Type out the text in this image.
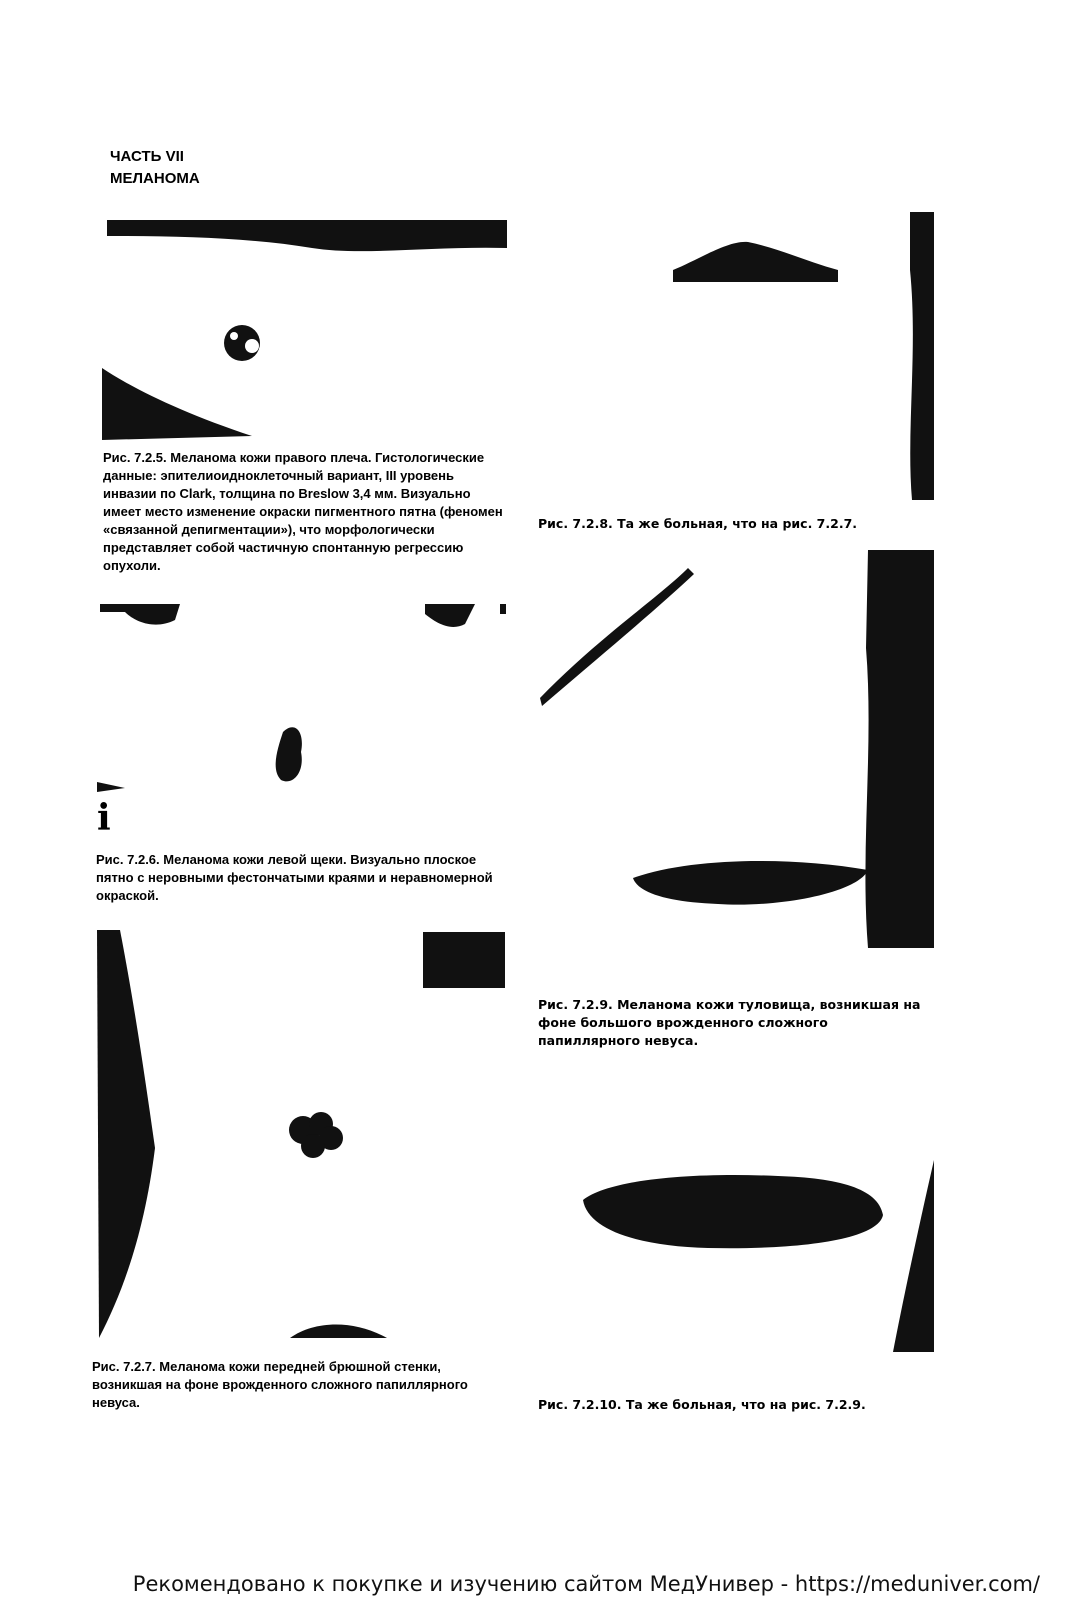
ЧАСТЬ VII
МЕЛАНОМА
Рис. 7.2.5. Меланома кожи правого плеча. Гистологические данные: эпителиоидноклеточный вариант, III уровень инвазии по Clark, толщина по Breslow 3,4 мм. Визуально имеет место изменение окраски пигментного пятна (феномен «связанной депигментации»), что морфологически представляет собой частичную спонтанную регрессию опухоли.
Рис. 7.2.8. Та же больная, что на рис. 7.2.7.
i
Рис. 7.2.6. Меланома кожи левой щеки. Визуально плоское пятно с неровными фестончатыми краями и неравномерной окраской.
Рис. 7.2.9. Меланома кожи туловища, возникшая на фоне большого врожденного сложного папиллярного невуса.
Рис. 7.2.7. Меланома кожи передней брюшной стенки, возникшая на фоне врожденного сложного папиллярного невуса.	Рис. 7.2.10. Та же больная, что на рис. 7.2.9.
Рекомендовано к покупке и изучению сайтом МедУнивер - https://meduniver.com/
